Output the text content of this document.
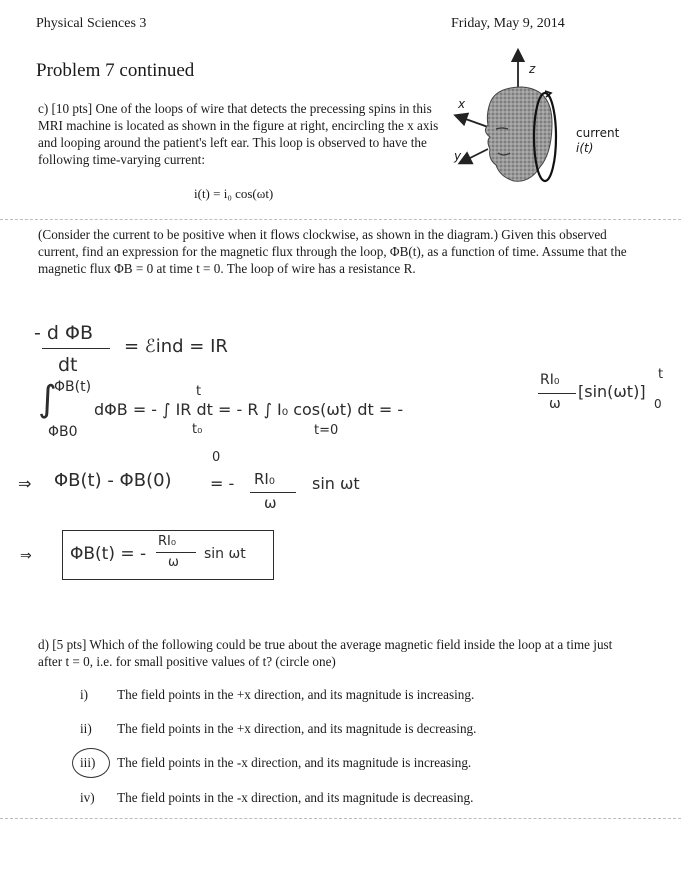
Physical Sciences 3	Friday, May 9, 2014
Problem 7 continued
c) [10 pts] One of the loops of wire that detects the precessing spins in this MRI machine is located as shown in the figure at right, encircling the x axis and looping around the patient's left ear. This loop is observed to have the following time-varying current:
i(t) = i₀ cos(ωt)
z
x
y
current
i(t)
(Consider the current to be positive when it flows clockwise, as shown in the diagram.) Given this observed current, find an expression for the magnetic flux through the loop, ΦB(t), as a function of time. Assume that the magnetic flux ΦB = 0 at time t = 0. The loop of wire has a resistance R.
- d ΦB
dt
= ℰind = IR
∫
ΦB(t)
ΦB0
dΦB = - ∫ IR dt = - R ∫ I₀ cos(ωt) dt = -
t
t₀	t=0
RI₀
ω
[sin(ωt)]
t
0
⇒ ΦB(t) - ΦB(0)
0
= - RI₀
ω
sin ωt
⇒ ΦB(t) = -
RI₀
ω
sin ωt
d) [5 pts] Which of the following could be true about the average magnetic field inside the loop at a time just after t = 0, i.e. for small positive values of t? (circle one)
i) The field points in the +x direction, and its magnitude is increasing.
ii) The field points in the +x direction, and its magnitude is decreasing.
iii) The field points in the -x direction, and its magnitude is increasing.
iv) The field points in the -x direction, and its magnitude is decreasing.
